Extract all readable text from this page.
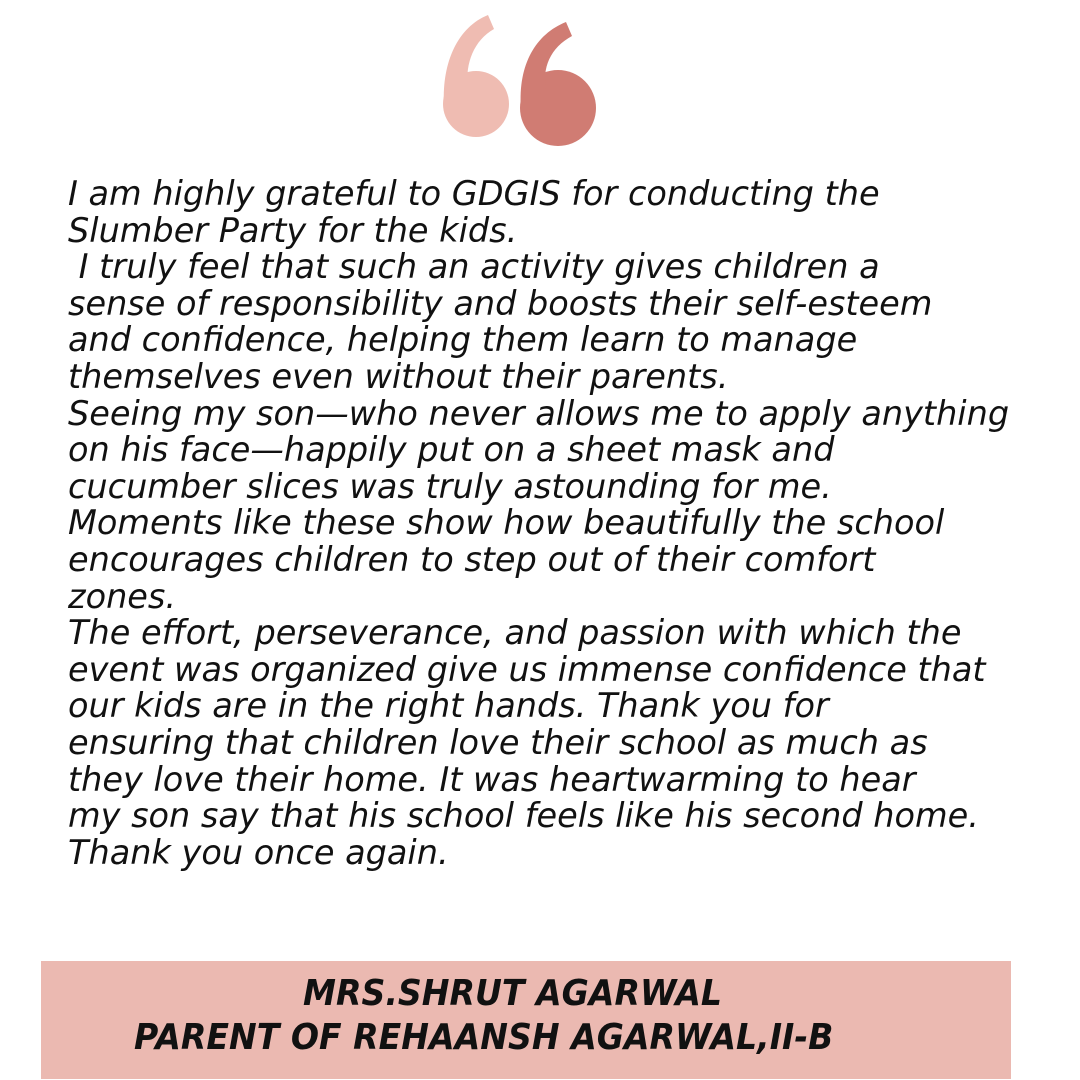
I am highly grateful to GDGIS for conducting the
Slumber Party for the kids.
I truly feel that such an activity gives children a
sense of responsibility and boosts their self-esteem
and confidence, helping them learn to manage
themselves even without their parents.
Seeing my son—who never allows me to apply anything
on his face—happily put on a sheet mask and
cucumber slices was truly astounding for me.
Moments like these show how beautifully the school
encourages children to step out of their comfort
zones.
The effort, perseverance, and passion with which the
event was organized give us immense confidence that
our kids are in the right hands. Thank you for
ensuring that children love their school as much as
they love their home. It was heartwarming to hear
my son say that his school feels like his second home.
Thank you once again.
MRS.SHRUT AGARWAL
PARENT OF REHAANSH AGARWAL,II-B
